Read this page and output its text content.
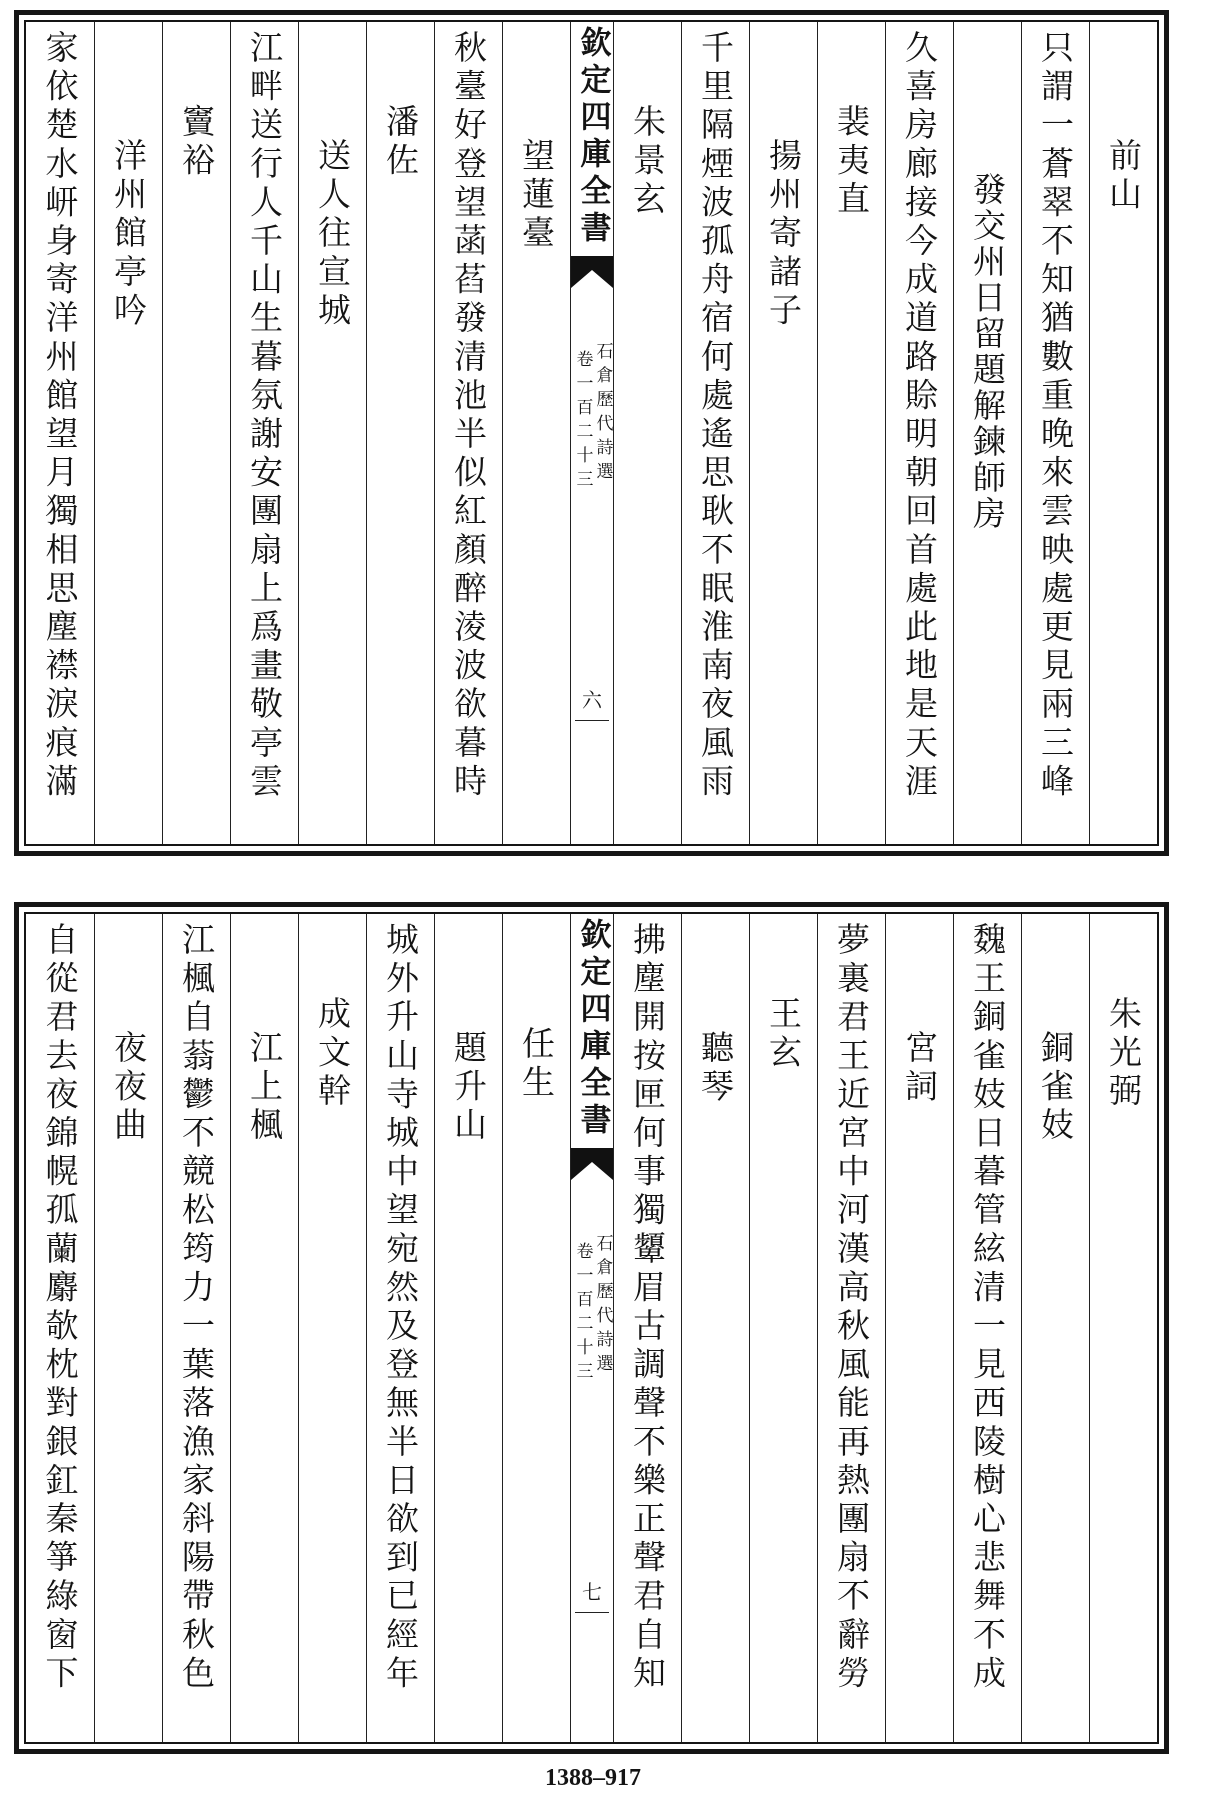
前山
只謂一蒼翠不知猶數重晚來雲映處更見兩三峰
發交州日留題解鍊師房
久喜房廊接今成道路賒明朝回首處此地是天涯
裴夷直
揚州寄諸子
千里隔煙波孤舟宿何處遙思耿不眠淮南夜風雨
朱景玄
欽定四庫全書
石倉歷代詩選
卷一百二十三
六
望蓮臺
秋臺好登望菡萏發清池半似紅顏醉淩波欲暮時
潘佐
送人往宣城
江畔送行人千山生暮氛謝安團扇上爲畫敬亭雲
竇裕
洋州館亭吟
家依楚水岍身寄洋州館望月獨相思塵襟淚痕滿
朱光弼
銅雀妓
魏王銅雀妓日暮管絃清一見西陵樹心悲舞不成
宮詞
夢裏君王近宮中河漢高秋風能再熱團扇不辭勞
王玄
聽琴
拂塵開按匣何事獨顰眉古調聲不樂正聲君自知
欽定四庫全書
石倉歷代詩選
卷一百二十三
七
任生
題升山
城外升山寺城中望宛然及登無半日欲到已經年
成文幹
江上楓
江楓自蓊鬱不競松筠力一葉落漁家斜陽帶秋色
夜夜曲
自從君去夜錦幌孤蘭麝欹枕對銀釭秦箏綠窗下
1388–917
